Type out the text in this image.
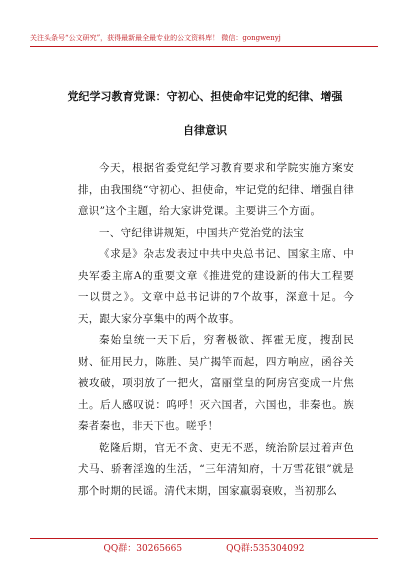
关注头条号“公文研究”，获得最新最全最专业的公文资料库！ 微信：gongwenyj
党纪学习教育党课：守初心、担使命牢记党的纪律、增强
自律意识

今天，根据省委党纪学习教育要求和学院实施方案安排，由我围绕“守初心、担使命，牢记党的纪律、增强自律意识”这个主题，给大家讲党课。主要讲三个方面。

一、守纪律讲规矩，中国共产党治党的法宝

《求是》杂志发表过中共中央总书记、国家主席、中央军委主席A的重要文章《推进党的建设新的伟大工程要一以贯之》。文章中总书记讲的7个故事，深意十足。今天，跟大家分享集中的两个故事。

秦始皇统一天下后，穷奢极欲、挥霍无度，搜刮民财、征用民力，陈胜、吴广揭竿而起，四方响应，函谷关被攻破，项羽放了一把火，富丽堂皇的阿房宫变成一片焦土。后人感叹说：呜呼！灭六国者，六国也，非秦也。族秦者秦也，非天下也。嗟乎！

乾隆后期，官无不贪、吏无不恶，统治阶层过着声色犬马、骄奢淫逸的生活，“三年清知府，十万雪花银”就是那个时期的民谣。清代末期，国家羸弱衰败，当初那么

QQ群：30265665	QQ群:535304092
